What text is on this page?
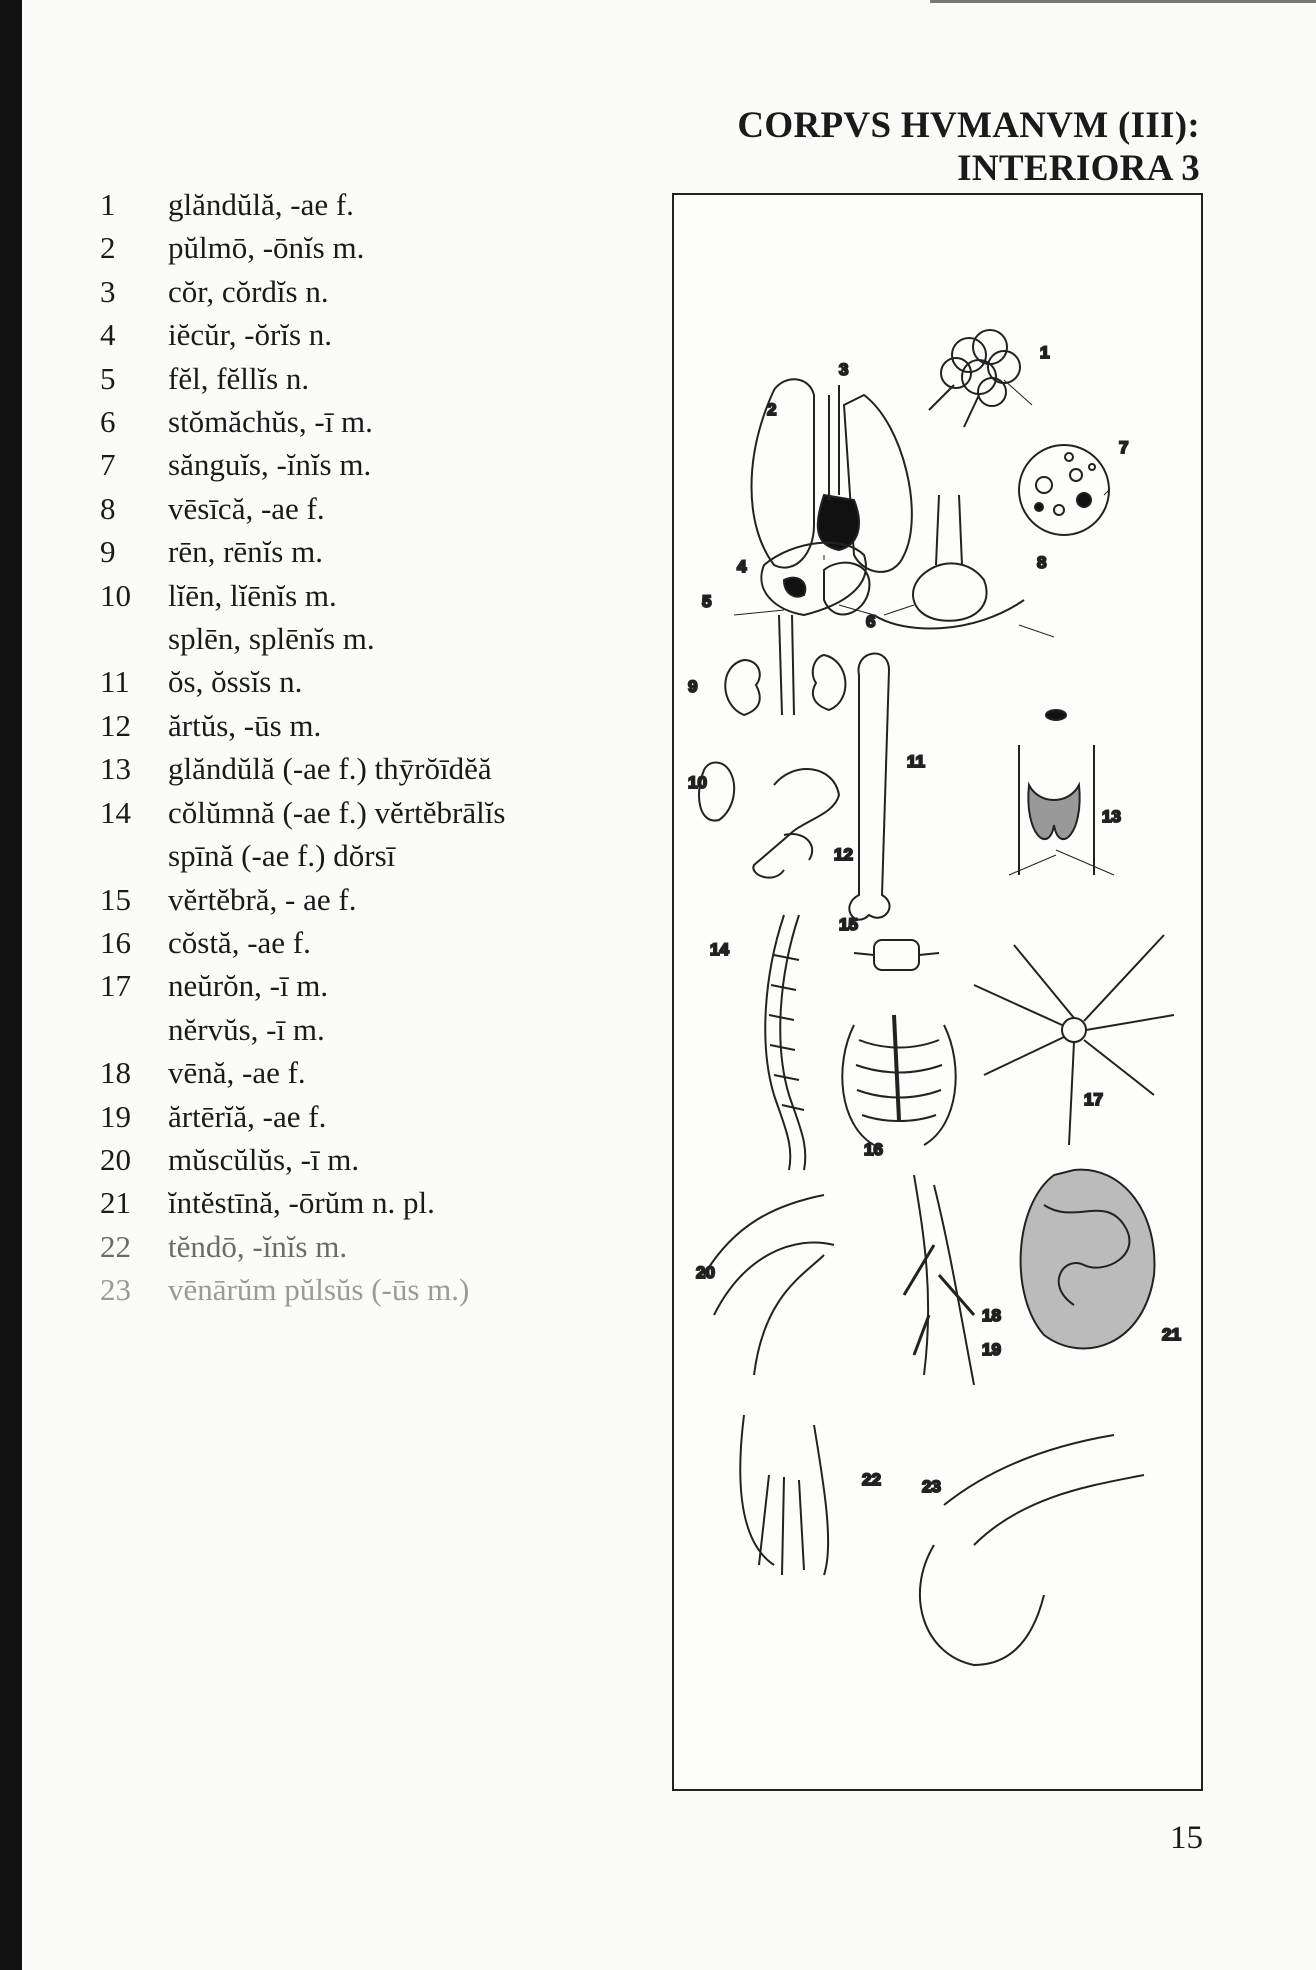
CORPVS HVMANVM (III): INTERIORA 3
1	glăndŭlă, -ae f.
2	pŭlmō, -ōnĭs m.
3	cŏr, cŏrdĭs n.
4	iĕcŭr, -ŏrĭs n.
5	fĕl, fĕllĭs n.
6	stŏmăchŭs, -ī m.
7	sănguĭs, -ĭnĭs m.
8	vēsīcă, -ae f.
9	rēn, rēnĭs m.
10	lĭēn, lĭēnĭs m.
splēn, splēnĭs m.
11	ŏs, ŏssĭs n.
12	ărtŭs, -ūs m.
13	glăndŭlă (-ae f.) thȳrŏīdĕă
14	cŏlŭmnă (-ae f.) vĕrtĕbrālĭs
spīnă (-ae f.) dŏrsī
15	vĕrtĕbră, - ae f.
16	cŏstă, -ae f.
17	neŭrŏn, -ī m.
nĕrvŭs, -ī m.
18	vēnă, -ae f.
19	ărtērĭă, -ae f.
20	mŭscŭlŭs, -ī m.
21	ĭntĕstīnă, -ōrŭm n. pl.
22	tĕndō, -ĭnĭs m.
23	vēnārŭm pŭlsŭs (-ūs m.)
1
2
3
4
5
6
7
8
9
10
11
12
13
14
15
16
17
18
19
20
21
22 23
15
